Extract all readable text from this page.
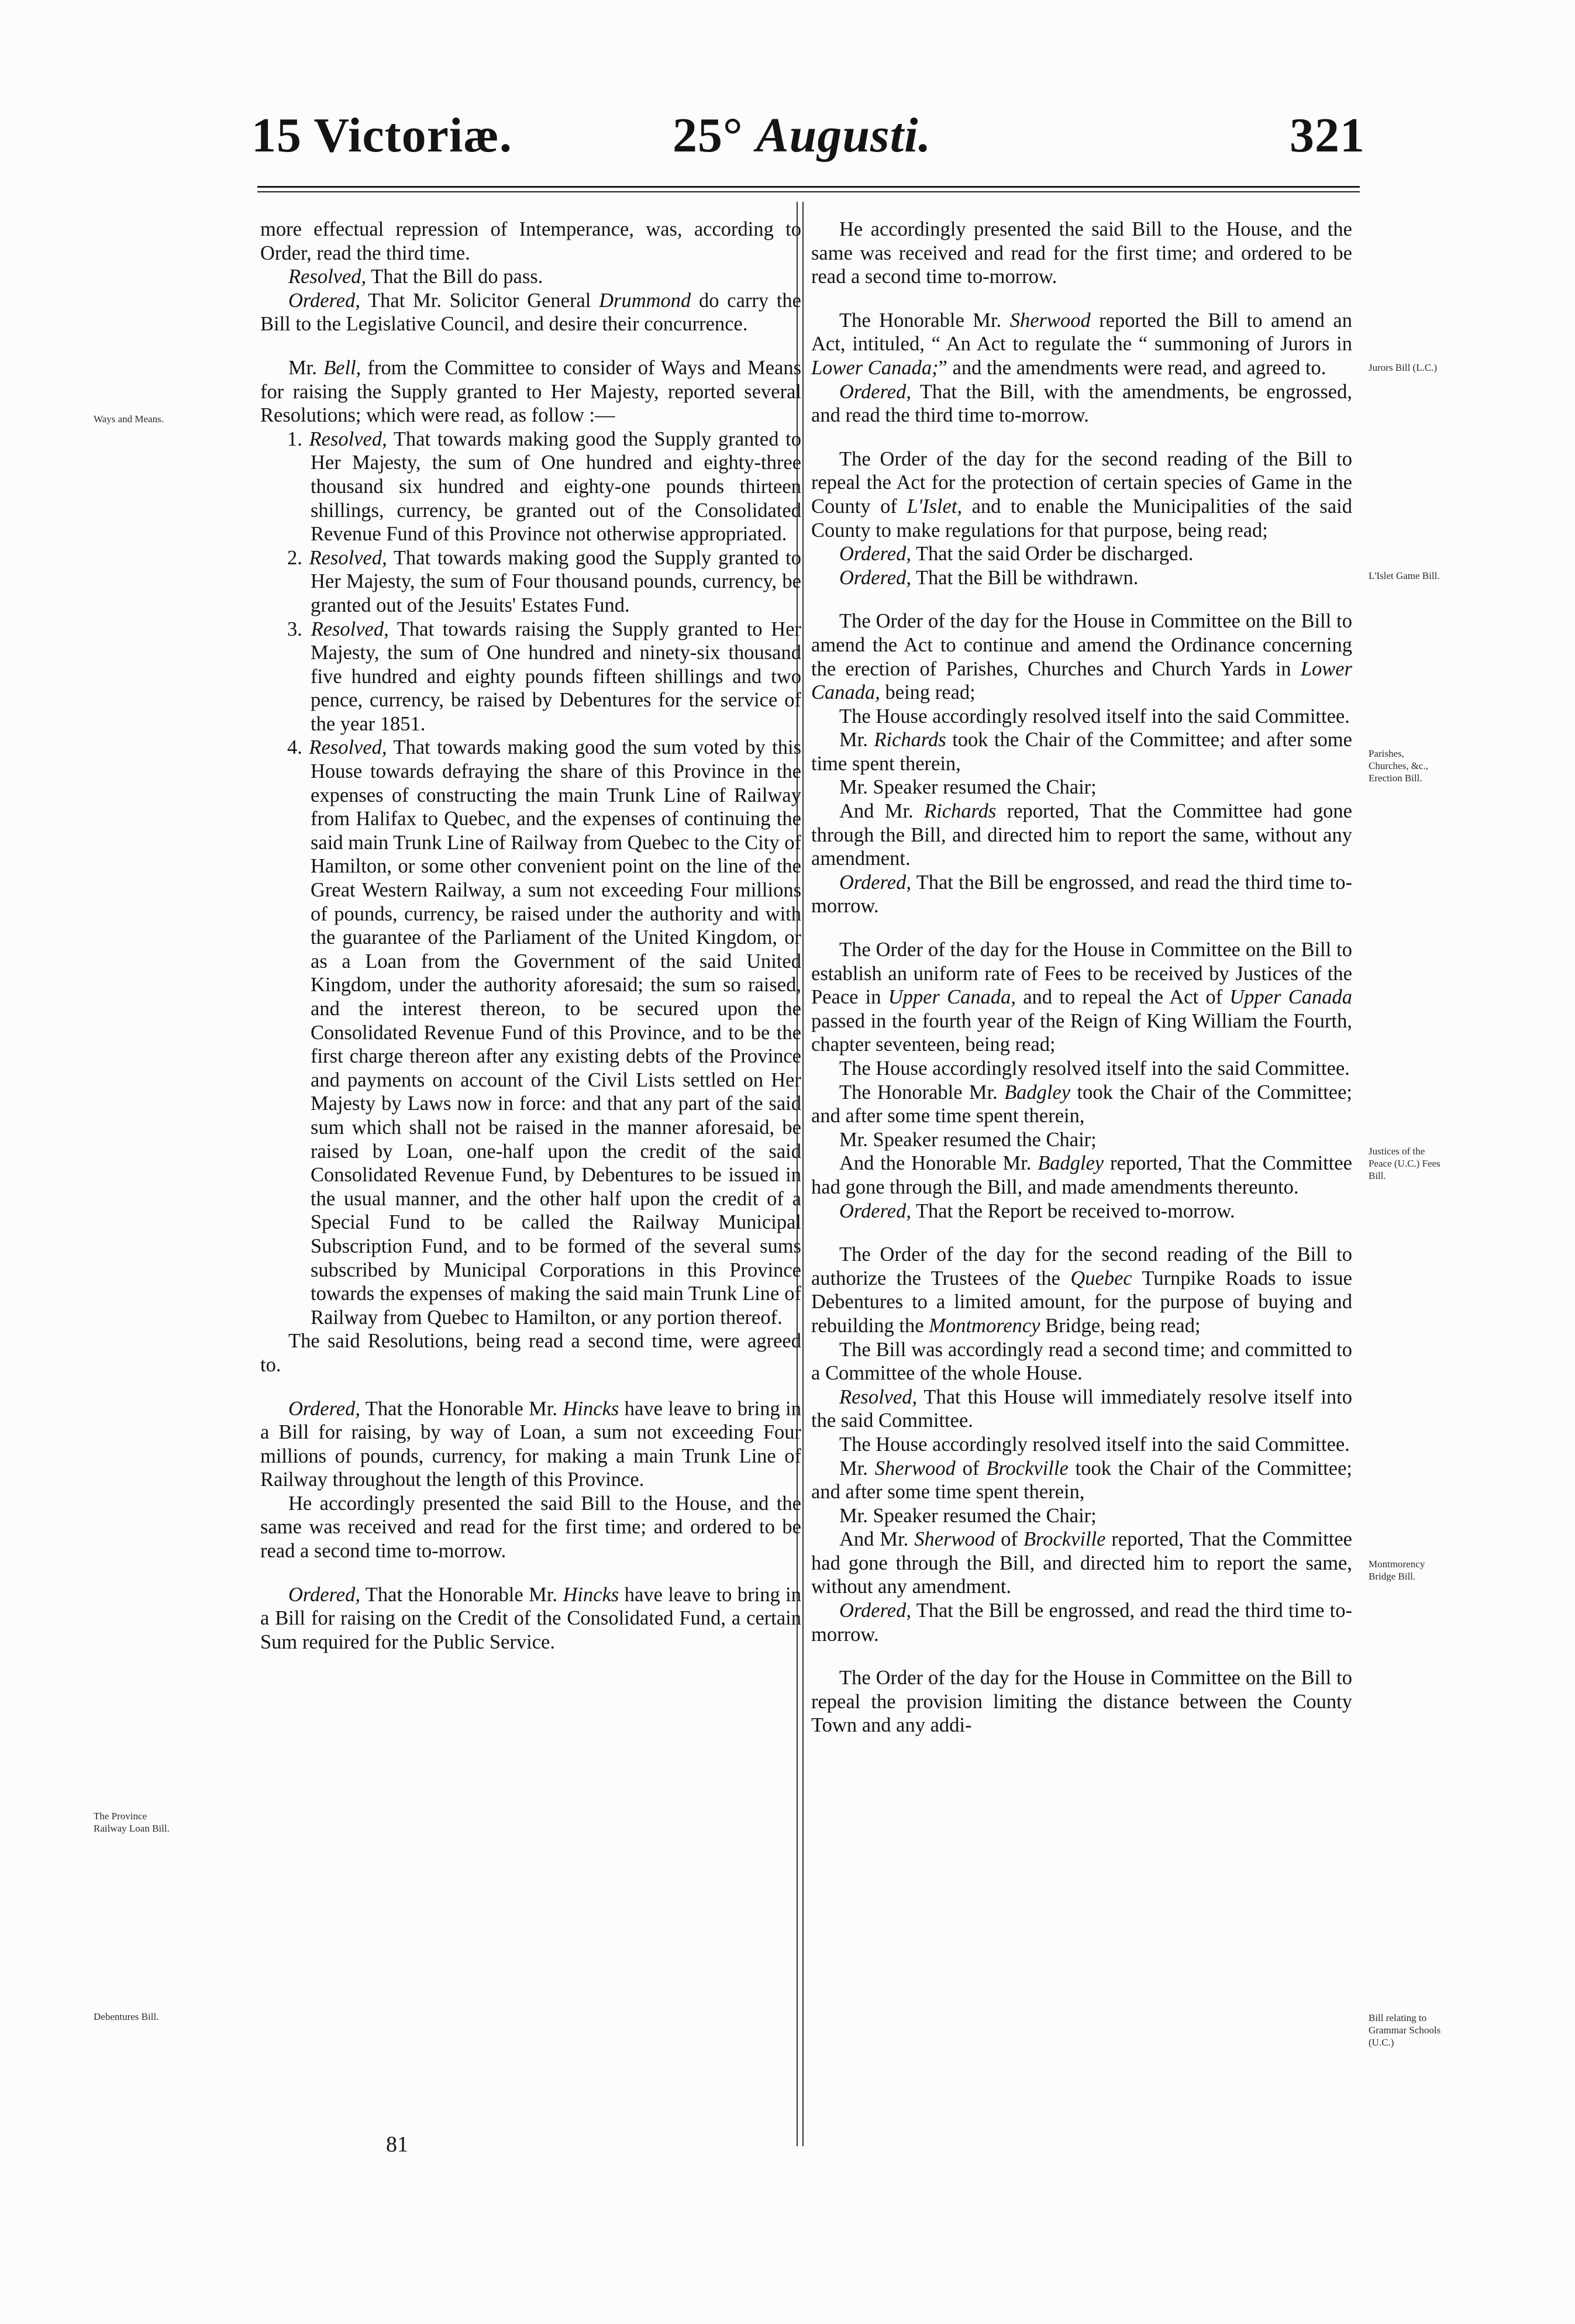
15 Victoriæ.	25° Augusti.	321

more effectual repression of Intemperance, was, according to Order, read the third time.

Resolved, That the Bill do pass.

Ordered, That Mr. Solicitor General Drummond do carry the Bill to the Legislative Council, and desire their concurrence.

Mr. Bell, from the Committee to consider of Ways and Means for raising the Supply granted to Her Majesty, reported several Resolutions; which were read, as follow :—

1. Resolved, That towards making good the Supply granted to Her Majesty, the sum of One hundred and eighty-three thousand six hundred and eighty-one pounds thirteen shillings, currency, be granted out of the Consolidated Revenue Fund of this Province not otherwise appropriated.

2. Resolved, That towards making good the Supply granted to Her Majesty, the sum of Four thousand pounds, currency, be granted out of the Jesuits' Estates Fund.

3. Resolved, That towards raising the Supply granted to Her Majesty, the sum of One hundred and ninety-six thousand five hundred and eighty pounds fifteen shillings and two pence, currency, be raised by Debentures for the service of the year 1851.

4. Resolved, That towards making good the sum voted by this House towards defraying the share of this Province in the expenses of constructing the main Trunk Line of Railway from Halifax to Quebec, and the expenses of continuing the said main Trunk Line of Railway from Quebec to the City of Hamilton, or some other convenient point on the line of the Great Western Railway, a sum not exceeding Four millions of pounds, currency, be raised under the authority and with the guarantee of the Parliament of the United Kingdom, or as a Loan from the Government of the said United Kingdom, under the authority aforesaid; the sum so raised, and the interest thereon, to be secured upon the Consolidated Revenue Fund of this Province, and to be the first charge thereon after any existing debts of the Province and payments on account of the Civil Lists settled on Her Majesty by Laws now in force: and that any part of the said sum which shall not be raised in the manner aforesaid, be raised by Loan, one-half upon the credit of the said Consolidated Revenue Fund, by Debentures to be issued in the usual manner, and the other half upon the credit of a Special Fund to be called the Railway Municipal Subscription Fund, and to be formed of the several sums subscribed by Municipal Corporations in this Province towards the expenses of making the said main Trunk Line of Railway from Quebec to Hamilton, or any portion thereof.

The said Resolutions, being read a second time, were agreed to.

Ordered, That the Honorable Mr. Hincks have leave to bring in a Bill for raising, by way of Loan, a sum not exceeding Four millions of pounds, currency, for making a main Trunk Line of Railway throughout the length of this Province.

He accordingly presented the said Bill to the House, and the same was received and read for the first time; and ordered to be read a second time to-morrow.

Ordered, That the Honorable Mr. Hincks have leave to bring in a Bill for raising on the Credit of the Consolidated Fund, a certain Sum required for the Public Service.

He accordingly presented the said Bill to the House, and the same was received and read for the first time; and ordered to be read a second time to-morrow.

The Honorable Mr. Sherwood reported the Bill to amend an Act, intituled, “ An Act to regulate the “ summoning of Jurors in Lower Canada;” and the amendments were read, and agreed to.

Ordered, That the Bill, with the amendments, be engrossed, and read the third time to-morrow.

The Order of the day for the second reading of the Bill to repeal the Act for the protection of certain species of Game in the County of L'Islet, and to enable the Municipalities of the said County to make regulations for that purpose, being read;

Ordered, That the said Order be discharged.

Ordered, That the Bill be withdrawn.

The Order of the day for the House in Committee on the Bill to amend the Act to continue and amend the Ordinance concerning the erection of Parishes, Churches and Church Yards in Lower Canada, being read;

The House accordingly resolved itself into the said Committee.

Mr. Richards took the Chair of the Committee; and after some time spent therein,

Mr. Speaker resumed the Chair;

And Mr. Richards reported, That the Committee had gone through the Bill, and directed him to report the same, without any amendment.

Ordered, That the Bill be engrossed, and read the third time to-morrow.

The Order of the day for the House in Committee on the Bill to establish an uniform rate of Fees to be received by Justices of the Peace in Upper Canada, and to repeal the Act of Upper Canada passed in the fourth year of the Reign of King William the Fourth, chapter seventeen, being read;

The House accordingly resolved itself into the said Committee.

The Honorable Mr. Badgley took the Chair of the Committee; and after some time spent therein,

Mr. Speaker resumed the Chair;

And the Honorable Mr. Badgley reported, That the Committee had gone through the Bill, and made amendments thereunto.

Ordered, That the Report be received to-morrow.

The Order of the day for the second reading of the Bill to authorize the Trustees of the Quebec Turnpike Roads to issue Debentures to a limited amount, for the purpose of buying and rebuilding the Montmorency Bridge, being read;

The Bill was accordingly read a second time; and committed to a Committee of the whole House.

Resolved, That this House will immediately resolve itself into the said Committee.

The House accordingly resolved itself into the said Committee.

Mr. Sherwood of Brockville took the Chair of the Committee; and after some time spent therein,

Mr. Speaker resumed the Chair;

And Mr. Sherwood of Brockville reported, That the Committee had gone through the Bill, and directed him to report the same, without any amendment.

Ordered, That the Bill be engrossed, and read the third time to-morrow.

The Order of the day for the House in Committee on the Bill to repeal the provision limiting the distance between the County Town and any addi-

Ways and Means.
The Province Railway Loan Bill.
Debentures Bill.
Jurors Bill (L.C.)
L'Islet Game Bill.
Parishes, Churches, &c., Erection Bill.
Justices of the Peace (U.C.) Fees Bill.
Montmorency Bridge Bill.
Bill relating to Grammar Schools (U.C.)
81
